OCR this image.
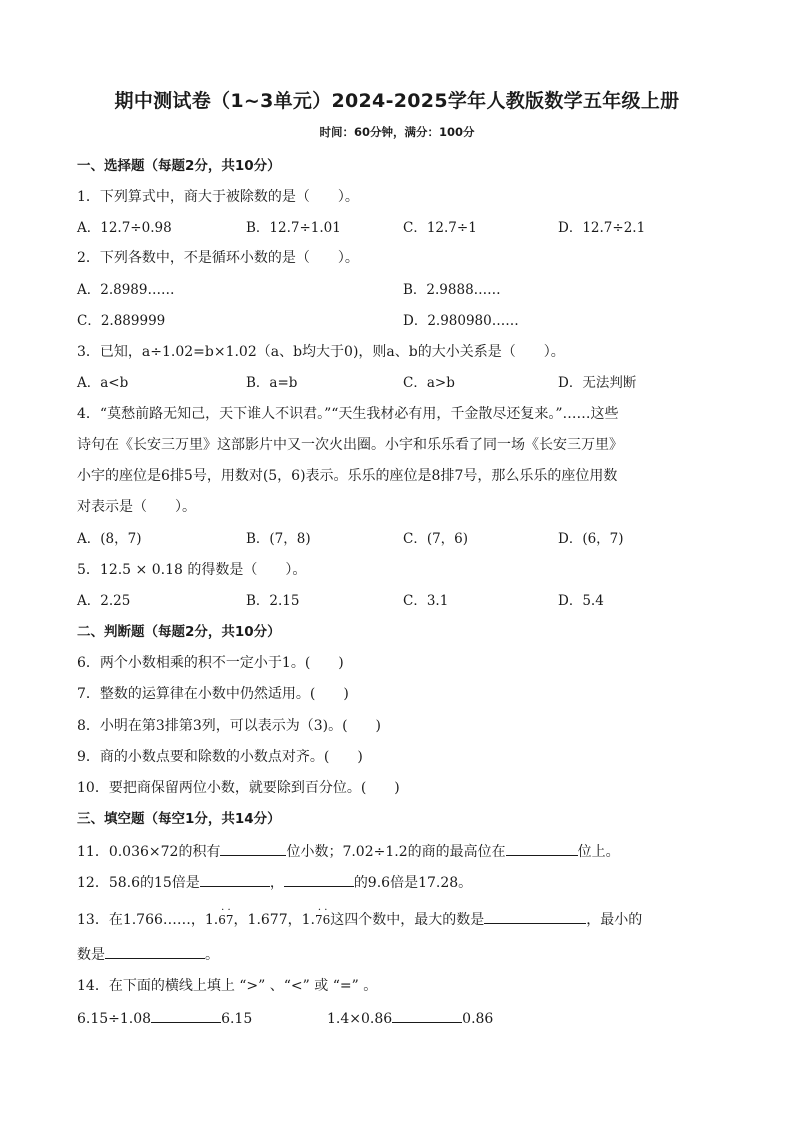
期中测试卷（1~3单元）2024-2025学年人教版数学五年级上册
时间：60分钟，满分：100分
一、选择题（每题2分，共10分）
1．下列算式中，商大于被除数的是（　　）。
A．12.7÷0.98	B．12.7÷1.01	C．12.7÷1	D．12.7÷2.1
2．下列各数中，不是循环小数的是（　　）。
A．2.8989……	B．2.9888……
C．2.889999	D．2.980980……
3．已知，a÷1.02=b×1.02（a、b均大于0)，则a、b的大小关系是（　　）。
A．a<b	B．a=b	C．a>b	D．无法判断
4．“莫愁前路无知己，天下谁人不识君。”“天生我材必有用，千金散尽还复来。”……这些
诗句在《长安三万里》这部影片中又一次火出圈。小宇和乐乐看了同一场《长安三万里》
小宇的座位是6排5号，用数对(5，6)表示。乐乐的座位是8排7号，那么乐乐的座位用数
对表示是（　　）。
A．(8，7)	B．(7，8)	C．(7，6)	D．(6，7)
5．12.5 × 0.18 的得数是（　　）。
A．2.25	B．2.15	C．3.1	D．5.4
二、判断题（每题2分，共10分）
6．两个小数相乘的积不一定小于1。(　　)
7．整数的运算律在小数中仍然适用。(　　)
8．小明在第3排第3列，可以表示为（3)。(　　)
9．商的小数点要和除数的小数点对齐。(　　)
10．要把商保留两位小数，就要除到百分位。(　　)
三、填空题（每空1分，共14分）
11．0.036×72的积有	位小数；7.02÷1.2的商的最高位在	位上。
12．58.6的15倍是	，	的9.6倍是17.28。
13．在1.766……，1.
· ·
67，1.677，1.
· ·
76这四个数中，最大的数是	，最小的
数是	。
14．在下面的横线上填上 “>” 、“<” 或 “=” 。
6.15÷1.08	6.15	1.4×0.86	0.86
